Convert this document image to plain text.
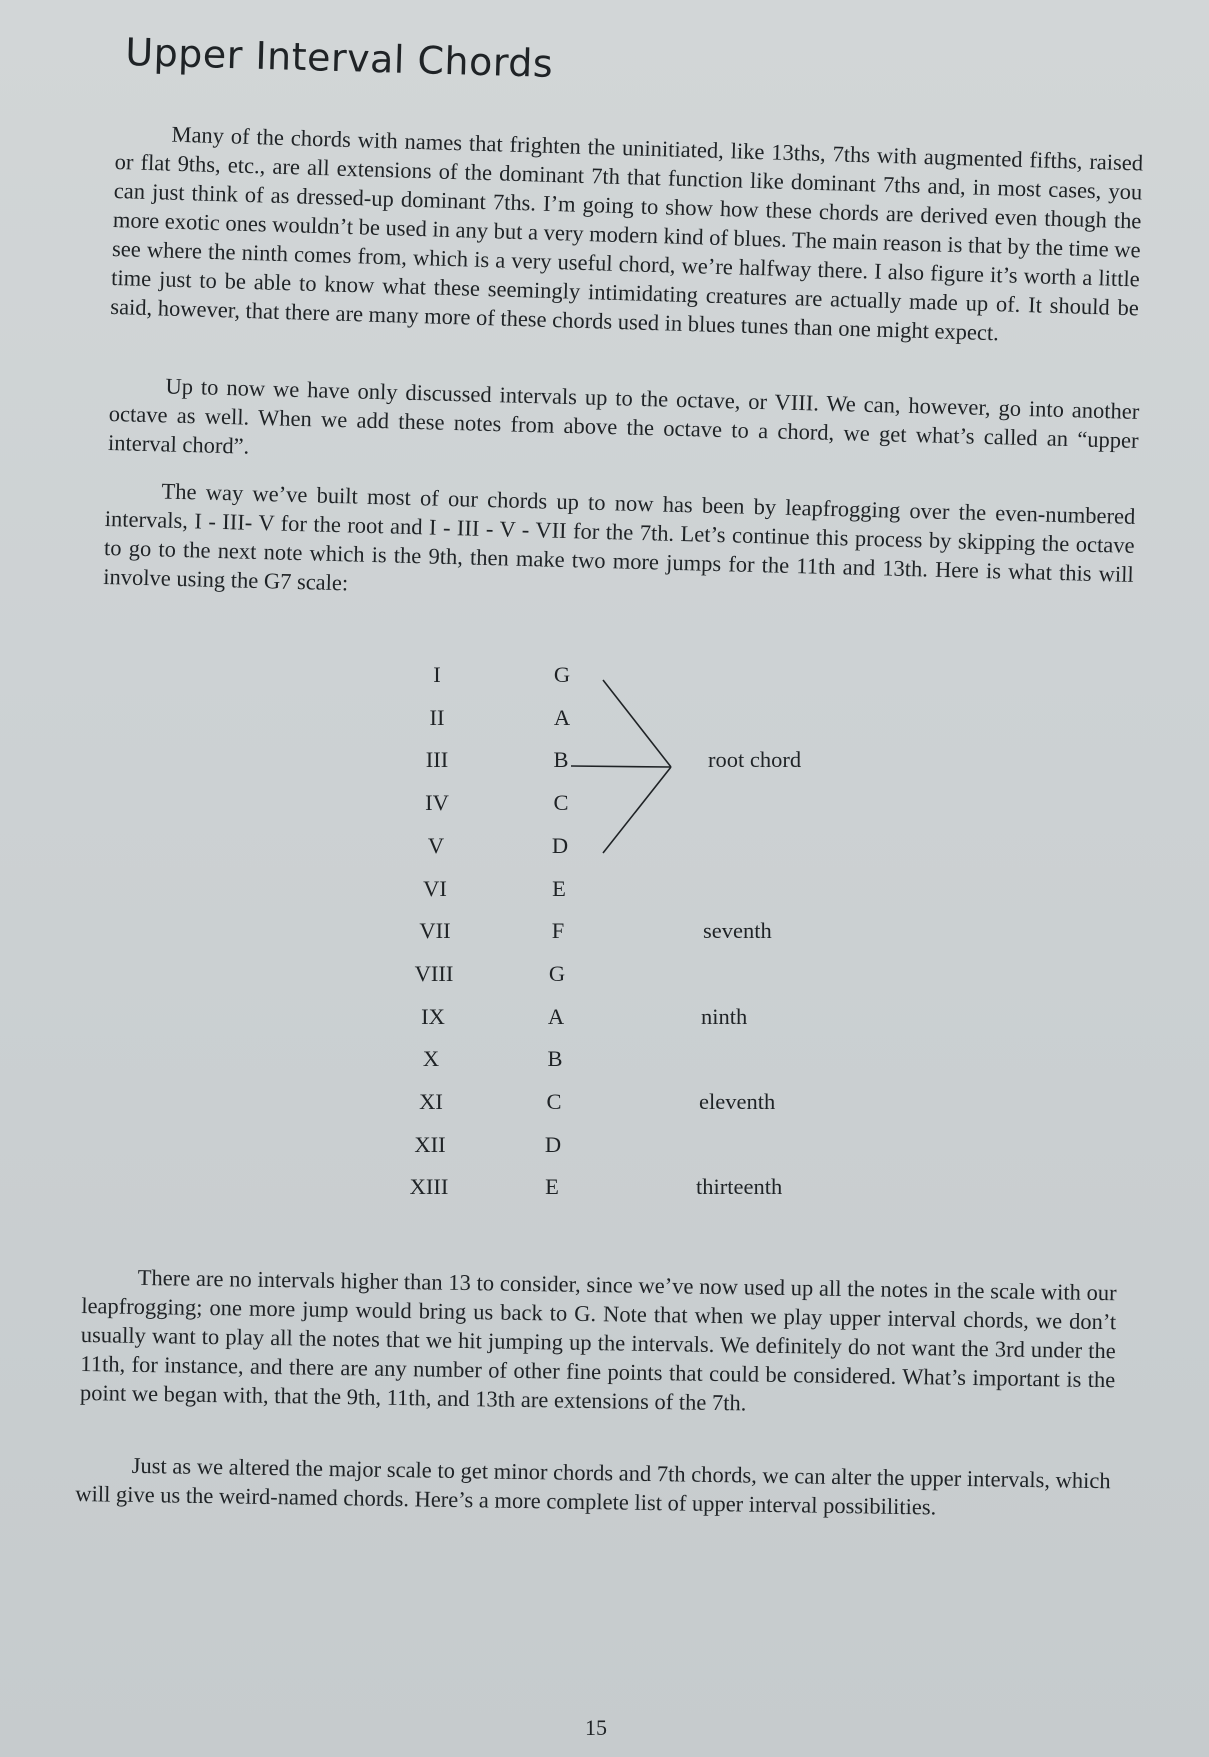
Upper Interval Chords

Many of the chords with names that frighten the uninitiated, like 13ths, 7ths with augmented fifths, raised or flat 9ths, etc., are all extensions of the dominant 7th that function like dominant 7ths and, in most cases, you can just think of as dressed-up dominant 7ths. I’m going to show how these chords are derived even though the more exotic ones wouldn’t be used in any but a very modern kind of blues. The main reason is that by the time we see where the ninth comes from, which is a very useful chord, we’re halfway there. I also figure it’s worth a little time just to be able to know what these seemingly intimidating creatures are actually made up of. It should be said, however, that there are many more of these chords used in blues tunes than one might expect.

Up to now we have only discussed intervals up to the octave, or VIII. We can, however, go into another octave as well. When we add these notes from above the octave to a chord, we get what’s called an “upper interval chord”.

The way we’ve built most of our chords up to now has been by leapfrogging over the even-numbered intervals, I - III- V for the root and I - III - V - VII for the 7th. Let’s continue this process by skipping the octave to go to the next note which is the 9th, then make two more jumps for the 11th and 13th. Here is what this will involve using the G7 scale:

I	G
II	A
III	B	root chord
IV	C
V	D
VI	E
VII	F	seventh
VIII	G
IX	A	ninth
X	B
XI	C	eleventh
XII	D
XIII	E	thirteenth

There are no intervals higher than 13 to consider, since we’ve now used up all the notes in the scale with our leapfrogging; one more jump would bring us back to G. Note that when we play upper interval chords, we don’t usually want to play all the notes that we hit jumping up the intervals. We definitely do not want the 3rd under the 11th, for instance, and there are any number of other fine points that could be considered. What’s important is the point we began with, that the 9th, 11th, and 13th are extensions of the 7th.

Just as we altered the major scale to get minor chords and 7th chords, we can alter the upper intervals, which will give us the weird-named chords. Here’s a more complete list of upper interval possibilities.

15
